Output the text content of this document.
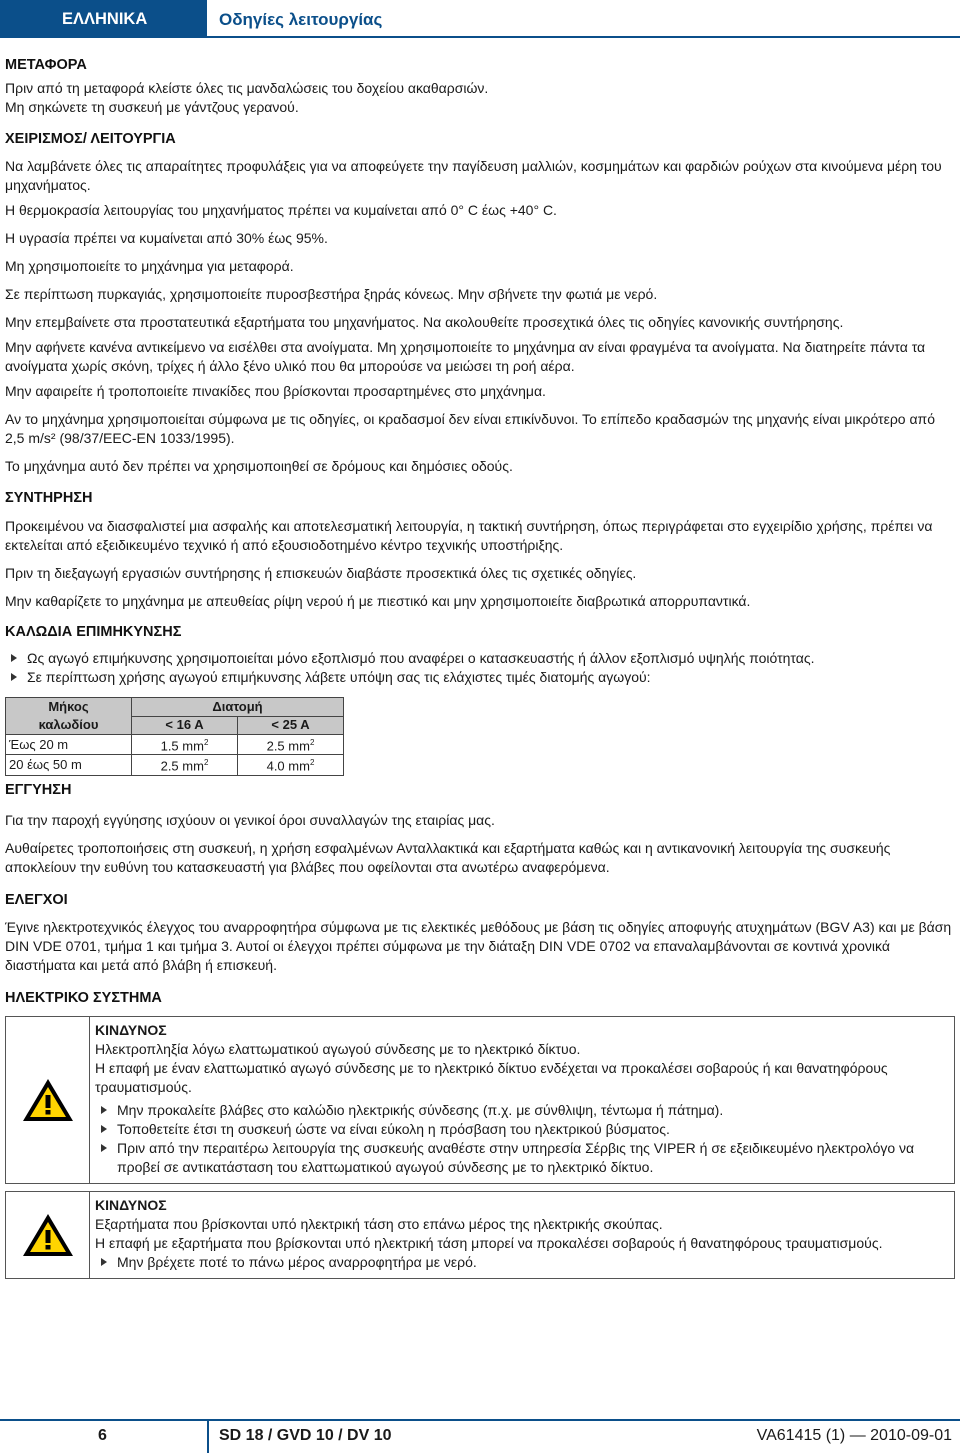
ΕΛΛΗΝΙΚΑ	Οδηγίες λειτουργίας
ΜΕΤΑΦΟΡΑ

Πριν από τη μεταφορά κλείστε όλες τις μανδαλώσεις του δοχείου ακαθαρσιών.

Μη σηκώνετε τη συσκευή με γάντζους γερανού.

ΧΕΙΡΙΣΜΟΣ/ ΛΕΙΤΟΥΡΓΙΑ

Να λαμβάνετε όλες τις απαραίτητες προφυλάξεις για να αποφεύγετε την παγίδευση μαλλιών, κοσμημάτων και φαρδιών ρούχων στα κινούμενα μέρη του μηχανήματος.

Η θερμοκρασία λειτουργίας του μηχανήματος πρέπει να κυμαίνεται από 0° C έως +40° C.

Η υγρασία πρέπει να κυμαίνεται από 30% έως 95%.

Μη χρησιμοποιείτε το μηχάνημα για μεταφορά.

Σε περίπτωση πυρκαγιάς, χρησιμοποιείτε πυροσβεστήρα ξηράς κόνεως. Μην σβήνετε την φωτιά με νερό.

Μην επεμβαίνετε στα προστατευτικά εξαρτήματα του μηχανήματος. Να ακολουθείτε προσεχτικά όλες τις οδηγίες κανονικής συντήρησης.

Μην αφήνετε κανένα αντικείμενο να εισέλθει στα ανοίγματα. Μη χρησιμοποιείτε το μηχάνημα αν είναι φραγμένα τα ανοίγματα. Να διατηρείτε πάντα τα ανοίγματα χωρίς σκόνη, τρίχες ή άλλο ξένο υλικό που θα μπορούσε να μειώσει τη ροή αέρα.

Μην αφαιρείτε ή τροποποιείτε πινακίδες που βρίσκονται προσαρτημένες στο μηχάνημα.

Αν το μηχάνημα χρησιμοποιείται σύμφωνα με τις οδηγίες, οι κραδασμοί δεν είναι επικίνδυνοι. Το επίπεδο κραδασμών της μηχανής είναι μικρότερο από 2,5 m/s² (98/37/EEC-EN 1033/1995).

Το μηχάνημα αυτό δεν πρέπει να χρησιμοποιηθεί σε δρόμους και δημόσιες οδούς.

ΣΥΝΤΗΡΗΣΗ

Προκειμένου να διασφαλιστεί μια ασφαλής και αποτελεσματική λειτουργία, η τακτική συντήρηση, όπως περιγράφεται στο εγχειρίδιο χρήσης, πρέπει να εκτελείται από εξειδικευμένο τεχνικό ή από εξουσιοδοτημένο κέντρο τεχνικής υποστήριξης.

Πριν τη διεξαγωγή εργασιών συντήρησης ή επισκευών διαβάστε προσεκτικά όλες τις σχετικές οδηγίες.

Μην καθαρίζετε το μηχάνημα με απευθείας ρίψη νερού ή με πιεστικό και μην χρησιμοποιείτε διαβρωτικά απορρυπαντικά.

ΚΑΛΩΔΙΑ ΕΠΙΜΗΚΥΝΣΗΣ
Ως αγωγό επιμήκυνσης χρησιμοποιείται μόνο εξοπλισμό που αναφέρει ο κατασκευαστής ή άλλον εξοπλισμό υψηλής ποιότητας.
Σε περίπτωση χρήσης αγωγού επιμήκυνσης λάβετε υπόψη σας τις ελάχιστες τιμές διατομής αγωγού:
Μήκος καλωδίου	Διατομή	
	< 16 A	< 25 A
Έως 20 m	1.5 $mm^2$	2.5 $mm^2$
20 έως 50 m	2.5 $mm^2$	4.0 $mm^2$
ΕΓΓΥΗΣΗ

Για την παροχή εγγύησης ισχύουν οι γενικοί όροι συναλλαγών της εταιρίας μας.

Αυθαίρετες τροποποιήσεις στη συσκευή, η χρήση εσφαλμένων Ανταλλακτικά και εξαρτήματα καθώς και η αντικανονική λειτουργία της συσκευής αποκλείουν την ευθύνη του κατασκευαστή για βλάβες που οφείλονται στα ανωτέρω αναφερόμενα.

ΕΛΕΓΧΟΙ

Έγινε ηλεκτροτεχνικός έλεγχος του αναρροφητήρα σύμφωνα με τις ελεκτικές μεθόδους με βάση τις οδηγίες αποφυγής ατυχημάτων (BGV A3) και με βάση DIN VDE 0701, τμήμα 1 και τμήμα 3. Αυτοί οι έλεγχοι πρέπει σύμφωνα με την διάταξη DIN VDE 0702 να επαναλαμβάνονται σε κοντινά χρονικά διαστήματα και μετά από βλάβη ή επισκευή.

ΗΛΕΚΤΡΙΚΟ ΣΥΣΤΗΜΑ
ΚΙΝΔΥΝΟΣ

Ηλεκτροπληξία λόγω ελαττωματικού αγωγού σύνδεσης με το ηλεκτρικό δίκτυο.

Η επαφή με έναν ελαττωματικό αγωγό σύνδεσης με το ηλεκτρικό δίκτυο ενδέχεται να προκαλέσει σοβαρούς ή και θανατηφόρους τραυματισμούς.

Μην προκαλείτε βλάβες στο καλώδιο ηλεκτρικής σύνδεσης (π.χ. με σύνθλιψη, τέντωμα ή πάτημα).
Τοποθετείτε έτσι τη συσκευή ώστε να είναι εύκολη η πρόσβαση του ηλεκτρικού βύσματος.
Πριν από την περαιτέρω λειτουργία της συσκευής αναθέστε στην υπηρεσία Σέρβις της VIPER ή σε εξειδικευμένο ηλεκτρολόγο να προβεί σε αντικατάσταση του ελαττωματικού αγωγού σύνδεσης με το ηλεκτρικό δίκτυο.
ΚΙΝΔΥΝΟΣ

Εξαρτήματα που βρίσκονται υπό ηλεκτρική τάση στο επάνω μέρος της ηλεκτρικής σκούπας.

Η επαφή με εξαρτήματα που βρίσκονται υπό ηλεκτρική τάση μπορεί να προκαλέσει σοβαρούς ή θανατηφόρους τραυματισμούς.

Μην βρέχετε ποτέ το πάνω μέρος αναρροφητήρα με νερό.
6	SD 18 / GVD 10 / DV 10	VA61415 (1) — 2010-09-01
